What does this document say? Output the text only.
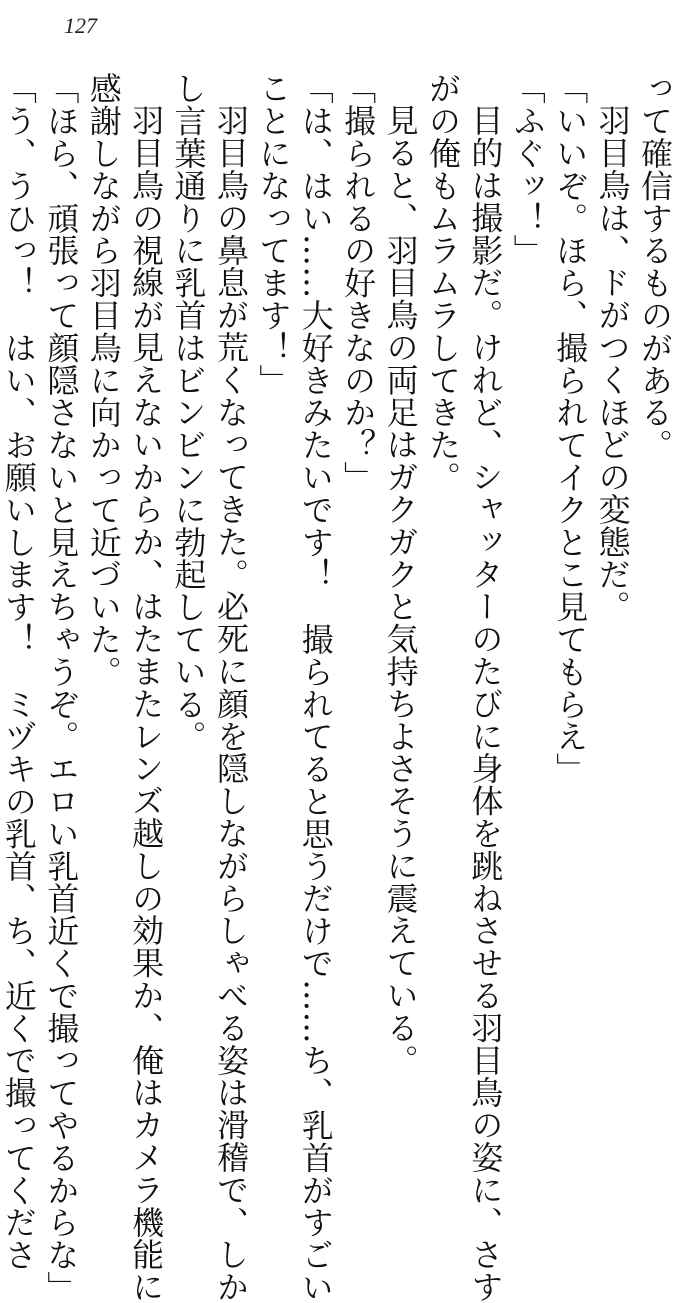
127

って確信するものがある。
羽目鳥は、ドがつくほどの変態だ。
「いいぞ。ほら、撮られてイクとこ見てもらえ」
「ふぐッ！」
目的は撮影だ。けれど、シャッターのたびに身体を跳ねさせる羽目鳥の姿に、さす
がの俺もムラムラしてきた。
見ると、羽目鳥の両足はガクガクと気持ちよさそうに震えている。
「撮られるの好きなのか？」
「は、はい……大好きみたいです！　撮られてると思うだけで……ち、乳首がすごい
ことになってます！」
羽目鳥の鼻息が荒くなってきた。必死に顔を隠しながらしゃべる姿は滑稽で、しか
し言葉通りに乳首はビンビンに勃起している。
羽目鳥の視線が見えないからか、はたまたレンズ越しの効果か、俺はカメラ機能に
感謝しながら羽目鳥に向かって近づいた。
「ほら、頑張って顔隠さないと見えちゃうぞ。エロい乳首近くで撮ってやるからな」
「う、うひっ！　はい、お願いします！　ミヅキの乳首、ち、近くで撮ってくださ
